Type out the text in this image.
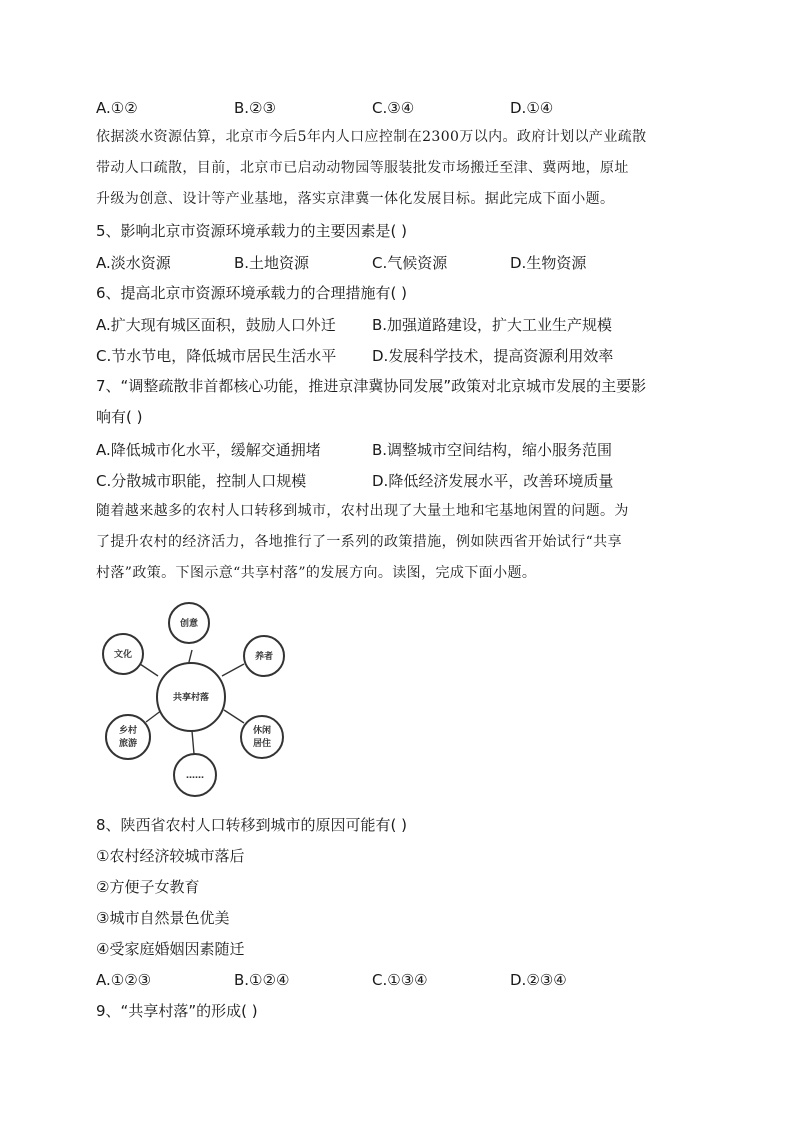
A.①②	B.②③	C.③④	D.①④

依据淡水资源估算，北京市今后5年内人口应控制在2300万以内。政府计划以产业疏散

带动人口疏散，目前，北京市已启动动物园等服装批发市场搬迁至津、冀两地，原址

升级为创意、设计等产业基地，落实京津冀一体化发展目标。据此完成下面小题。

5、影响北京市资源环境承载力的主要因素是( )

A.淡水资源	B.土地资源	C.气候资源	D.生物资源

6、提高北京市资源环境承载力的合理措施有( )

A.扩大现有城区面积，鼓励人口外迁 B.加强道路建设，扩大工业生产规模
C.节水节电，降低城市居民生活水平 D.发展科学技术，提高资源利用效率

7、“调整疏散非首都核心功能，推进京津冀协同发展”政策对北京城市发展的主要影

响有( )

A.降低城市化水平，缓解交通拥堵	B.调整城市空间结构，缩小服务范围
C.分散城市职能，控制人口规模	D.降低经济发展水平，改善环境质量

随着越来越多的农村人口转移到城市，农村出现了大量土地和宅基地闲置的问题。为

了提升农村的经济活力，各地推行了一系列的政策措施，例如陕西省开始试行“共享

村落”政策。下图示意“共享村落”的发展方向。读图，完成下面小题。

共享村落
创意
养者
休闲
居住
……
乡村
旅游
文化

8、陕西省农村人口转移到城市的原因可能有( )

①农村经济较城市落后

②方便子女教育

③城市自然景色优美

④受家庭婚姻因素随迁

A.①②③	B.①②④	C.①③④	D.②③④

9、“共享村落”的形成( )
